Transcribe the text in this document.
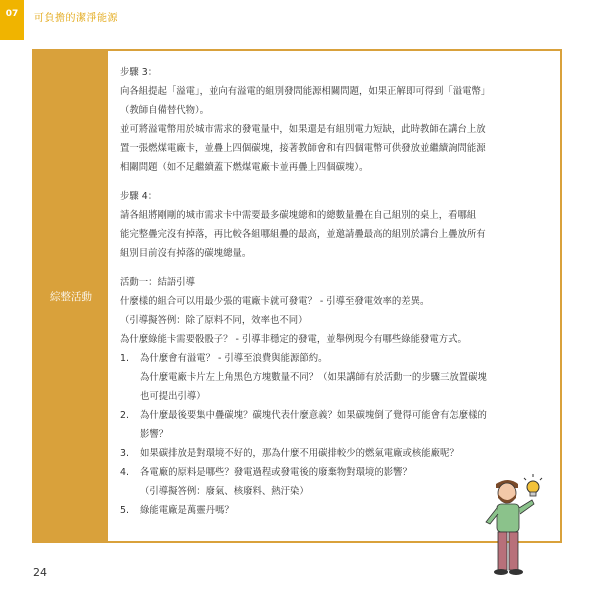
07	可負擔的潔淨能源
綜整活動

步驟 3：

向各組提起「溢電」，並向有溢電的組別發問能源相關問題，如果正解即可得到「溢電幣」

（教師自備替代物）。

並可將溢電幣用於城市需求的發電量中，如果還是有組別電力短缺，此時教師在講台上放

置一張燃煤電廠卡，並疊上四個碳塊，接著教師會和有四個電幣可供發放並繼續詢問能源

相關問題（如不足繼續蓋下燃煤電廠卡並再疊上四個碳塊）。

步驟 4：

請各組將剛剛的城市需求卡中需要最多碳塊總和的總數量疊在自己組別的桌上，看哪組

能完整疊完沒有掉落，再比較各組哪組疊的最高，並邀請疊最高的組別於講台上疊放所有

組別目前沒有掉落的碳塊總量。

活動一：結語引導

什麼樣的組合可以用最少張的電廠卡就可發電？ - 引導至發電效率的差異。

（引導擬答例：除了原料不同，效率也不同）

為什麼綠能卡需要骰骰子？ - 引導非穩定的發電，並舉例現今有哪些綠能發電方式。

1.	為什麼會有溢電？ - 引導至浪費與能源節約。
為什麼電廠卡片左上角黑色方塊數量不同？（如果講師有於活動一的步驟三放置碳塊
也可提出引導）
2.	為什麼最後要集中疊碳塊？碳塊代表什麼意義？如果碳塊倒了覺得可能會有怎麼樣的
影響？
3.	如果碳排放是對環境不好的，那為什麼不用碳排較少的燃氣電廠或核能廠呢？
4.	各電廠的原料是哪些？發電過程或發電後的廢棄物對環境的影響？
（引導擬答例：廢氣、核廢料、熱汙染）
5.	綠能電廠是萬靈丹嗎？
24
